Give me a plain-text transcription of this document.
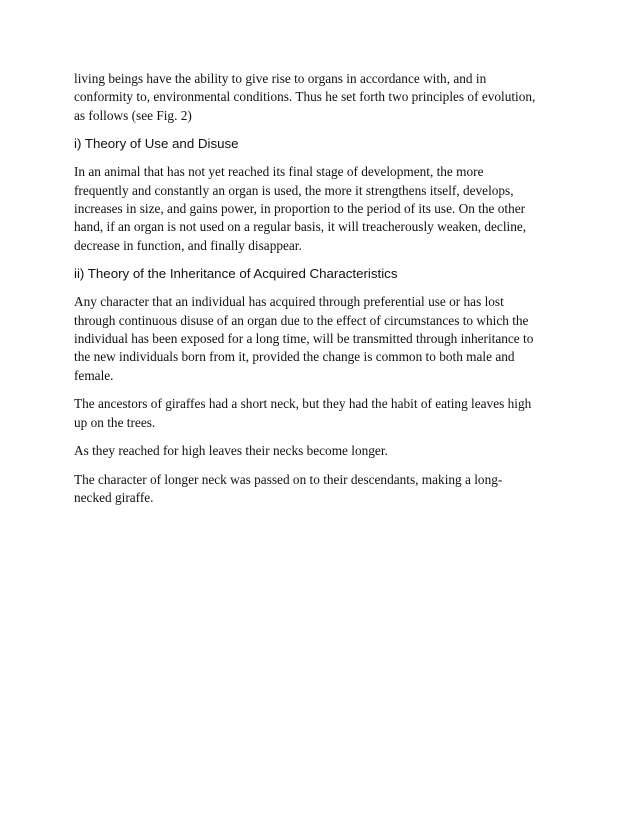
living beings have the ability to give rise to organs in accordance with, and in
conformity to, environmental conditions. Thus he set forth two principles of evolution,
as follows (see Fig. 2)

i) Theory of Use and Disuse

In an animal that has not yet reached its final stage of development, the more
frequently and constantly an organ is used, the more it strengthens itself, develops,
increases in size, and gains power, in proportion to the period of its use. On the other
hand, if an organ is not used on a regular basis, it will treacherously weaken, decline,
decrease in function, and finally disappear.

ii) Theory of the Inheritance of Acquired Characteristics

Any character that an individual has acquired through preferential use or has lost
through continuous disuse of an organ due to the effect of circumstances to which the
individual has been exposed for a long time, will be transmitted through inheritance to
the new individuals born from it, provided the change is common to both male and
female.

The ancestors of giraffes had a short neck, but they had the habit of eating leaves high
up on the trees.

As they reached for high leaves their necks become longer.

The character of longer neck was passed on to their descendants, making a long-
necked giraffe.
